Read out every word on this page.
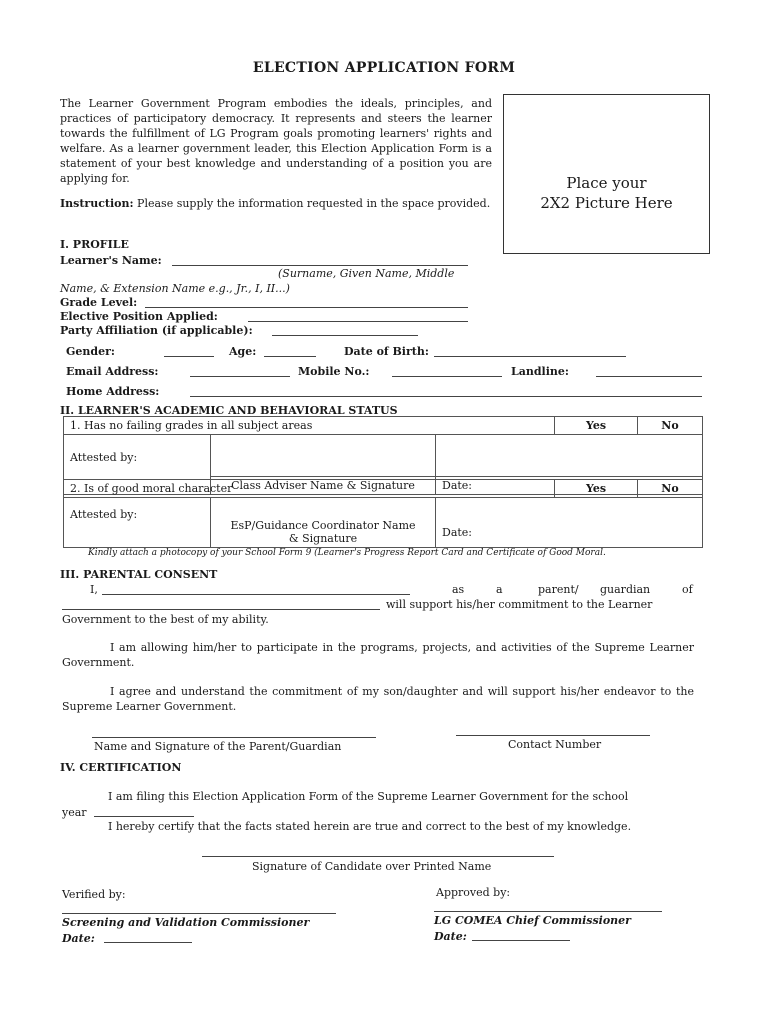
ELECTION APPLICATION FORM
The Learner Government Program embodies the ideals, principles, and practices of participatory democracy. It represents and steers the learner towards the fulfillment of LG Program goals promoting learners' rights and welfare. As a learner government leader, this Election Application Form is a statement of your best knowledge and understanding of a position you are applying for.
Instruction: Please supply the information requested in the space provided.
Place your
2X2 Picture Here
I. PROFILE
Learner's Name:
(Surname, Given Name, Middle
Name, & Extension Name e.g., Jr., I, II...)
Grade Level:
Elective Position Applied:
Party Affiliation (if applicable):
Gender:	Age:	Date of Birth:
Email Address:	Mobile No.:	Landline:
Home Address:
II. LEARNER'S ACADEMIC AND BEHAVIORAL STATUS
1. Has no failing grades in all subject areas			Yes	No
Attested by:				
	Class Adviser Name & Signature	Date:		
2. Is of good moral character			Yes	No
Attested by:	EsP/Guidance Coordinator Name
& Signature	Date:		
Kindly attach a photocopy of your School Form 9 (Learner's Progress Report Card and Certificate of Good Moral.
III. PARENTAL CONSENT
I,	as	a	parent/ guardian	of
will support his/her commitment to the Learner
Government to the best of my ability.
I am allowing him/her to participate in the programs, projects, and activities of the Supreme Learner Government.
I agree and understand the commitment of my son/daughter and will support his/her endeavor to the Supreme Learner Government.
Name and Signature of the Parent/Guardian	Contact Number
IV. CERTIFICATION
I am filing this Election Application Form of the Supreme Learner Government for the school
year
I hereby certify that the facts stated herein are true and correct to the best of my knowledge.
Signature of Candidate over Printed Name
Verified by:	Approved by:
Screening and Validation Commissioner	LG COMEA Chief Commissioner
Date:	Date:
